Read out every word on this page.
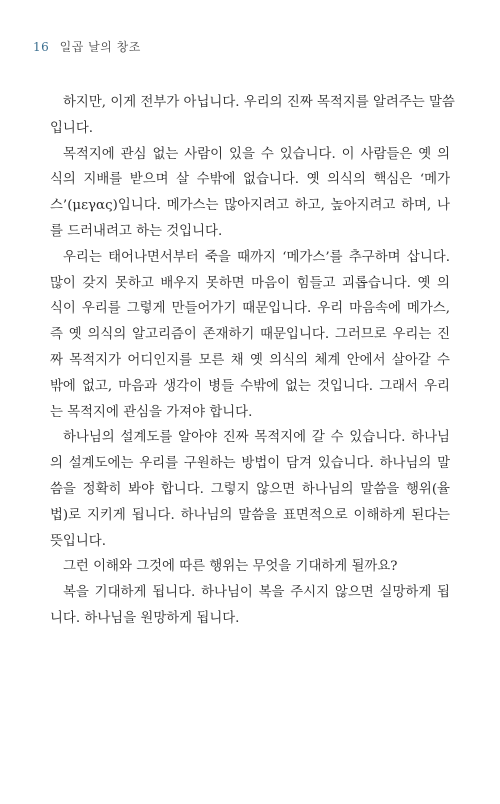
16 일곱 날의 창조
하지만, 이게 전부가 아닙니다. 우리의 진짜 목적지를 알려주는 말씀
입니다.
목적지에 관심 없는 사람이 있을 수 있습니다. 이 사람들은 옛 의
식의 지배를 받으며 살 수밖에 없습니다. 옛 의식의 핵심은 ‘메가
스’(μεγας)입니다. 메가스는 많아지려고 하고, 높아지려고 하며, 나
를 드러내려고 하는 것입니다.
우리는 태어나면서부터 죽을 때까지 ‘메가스’를 추구하며 삽니다.
많이 갖지 못하고 배우지 못하면 마음이 힘들고 괴롭습니다. 옛 의
식이 우리를 그렇게 만들어가기 때문입니다. 우리 마음속에 메가스,
즉 옛 의식의 알고리즘이 존재하기 때문입니다. 그러므로 우리는 진
짜 목적지가 어디인지를 모른 채 옛 의식의 체계 안에서 살아갈 수
밖에 없고, 마음과 생각이 병들 수밖에 없는 것입니다. 그래서 우리
는 목적지에 관심을 가져야 합니다.
하나님의 설계도를 알아야 진짜 목적지에 갈 수 있습니다. 하나님
의 설계도에는 우리를 구원하는 방법이 담겨 있습니다. 하나님의 말
씀을 정확히 봐야 합니다. 그렇지 않으면 하나님의 말씀을 행위(율
법)로 지키게 됩니다. 하나님의 말씀을 표면적으로 이해하게 된다는
뜻입니다.
그런 이해와 그것에 따른 행위는 무엇을 기대하게 될까요?
복을 기대하게 됩니다. 하나님이 복을 주시지 않으면 실망하게 됩
니다. 하나님을 원망하게 됩니다.
